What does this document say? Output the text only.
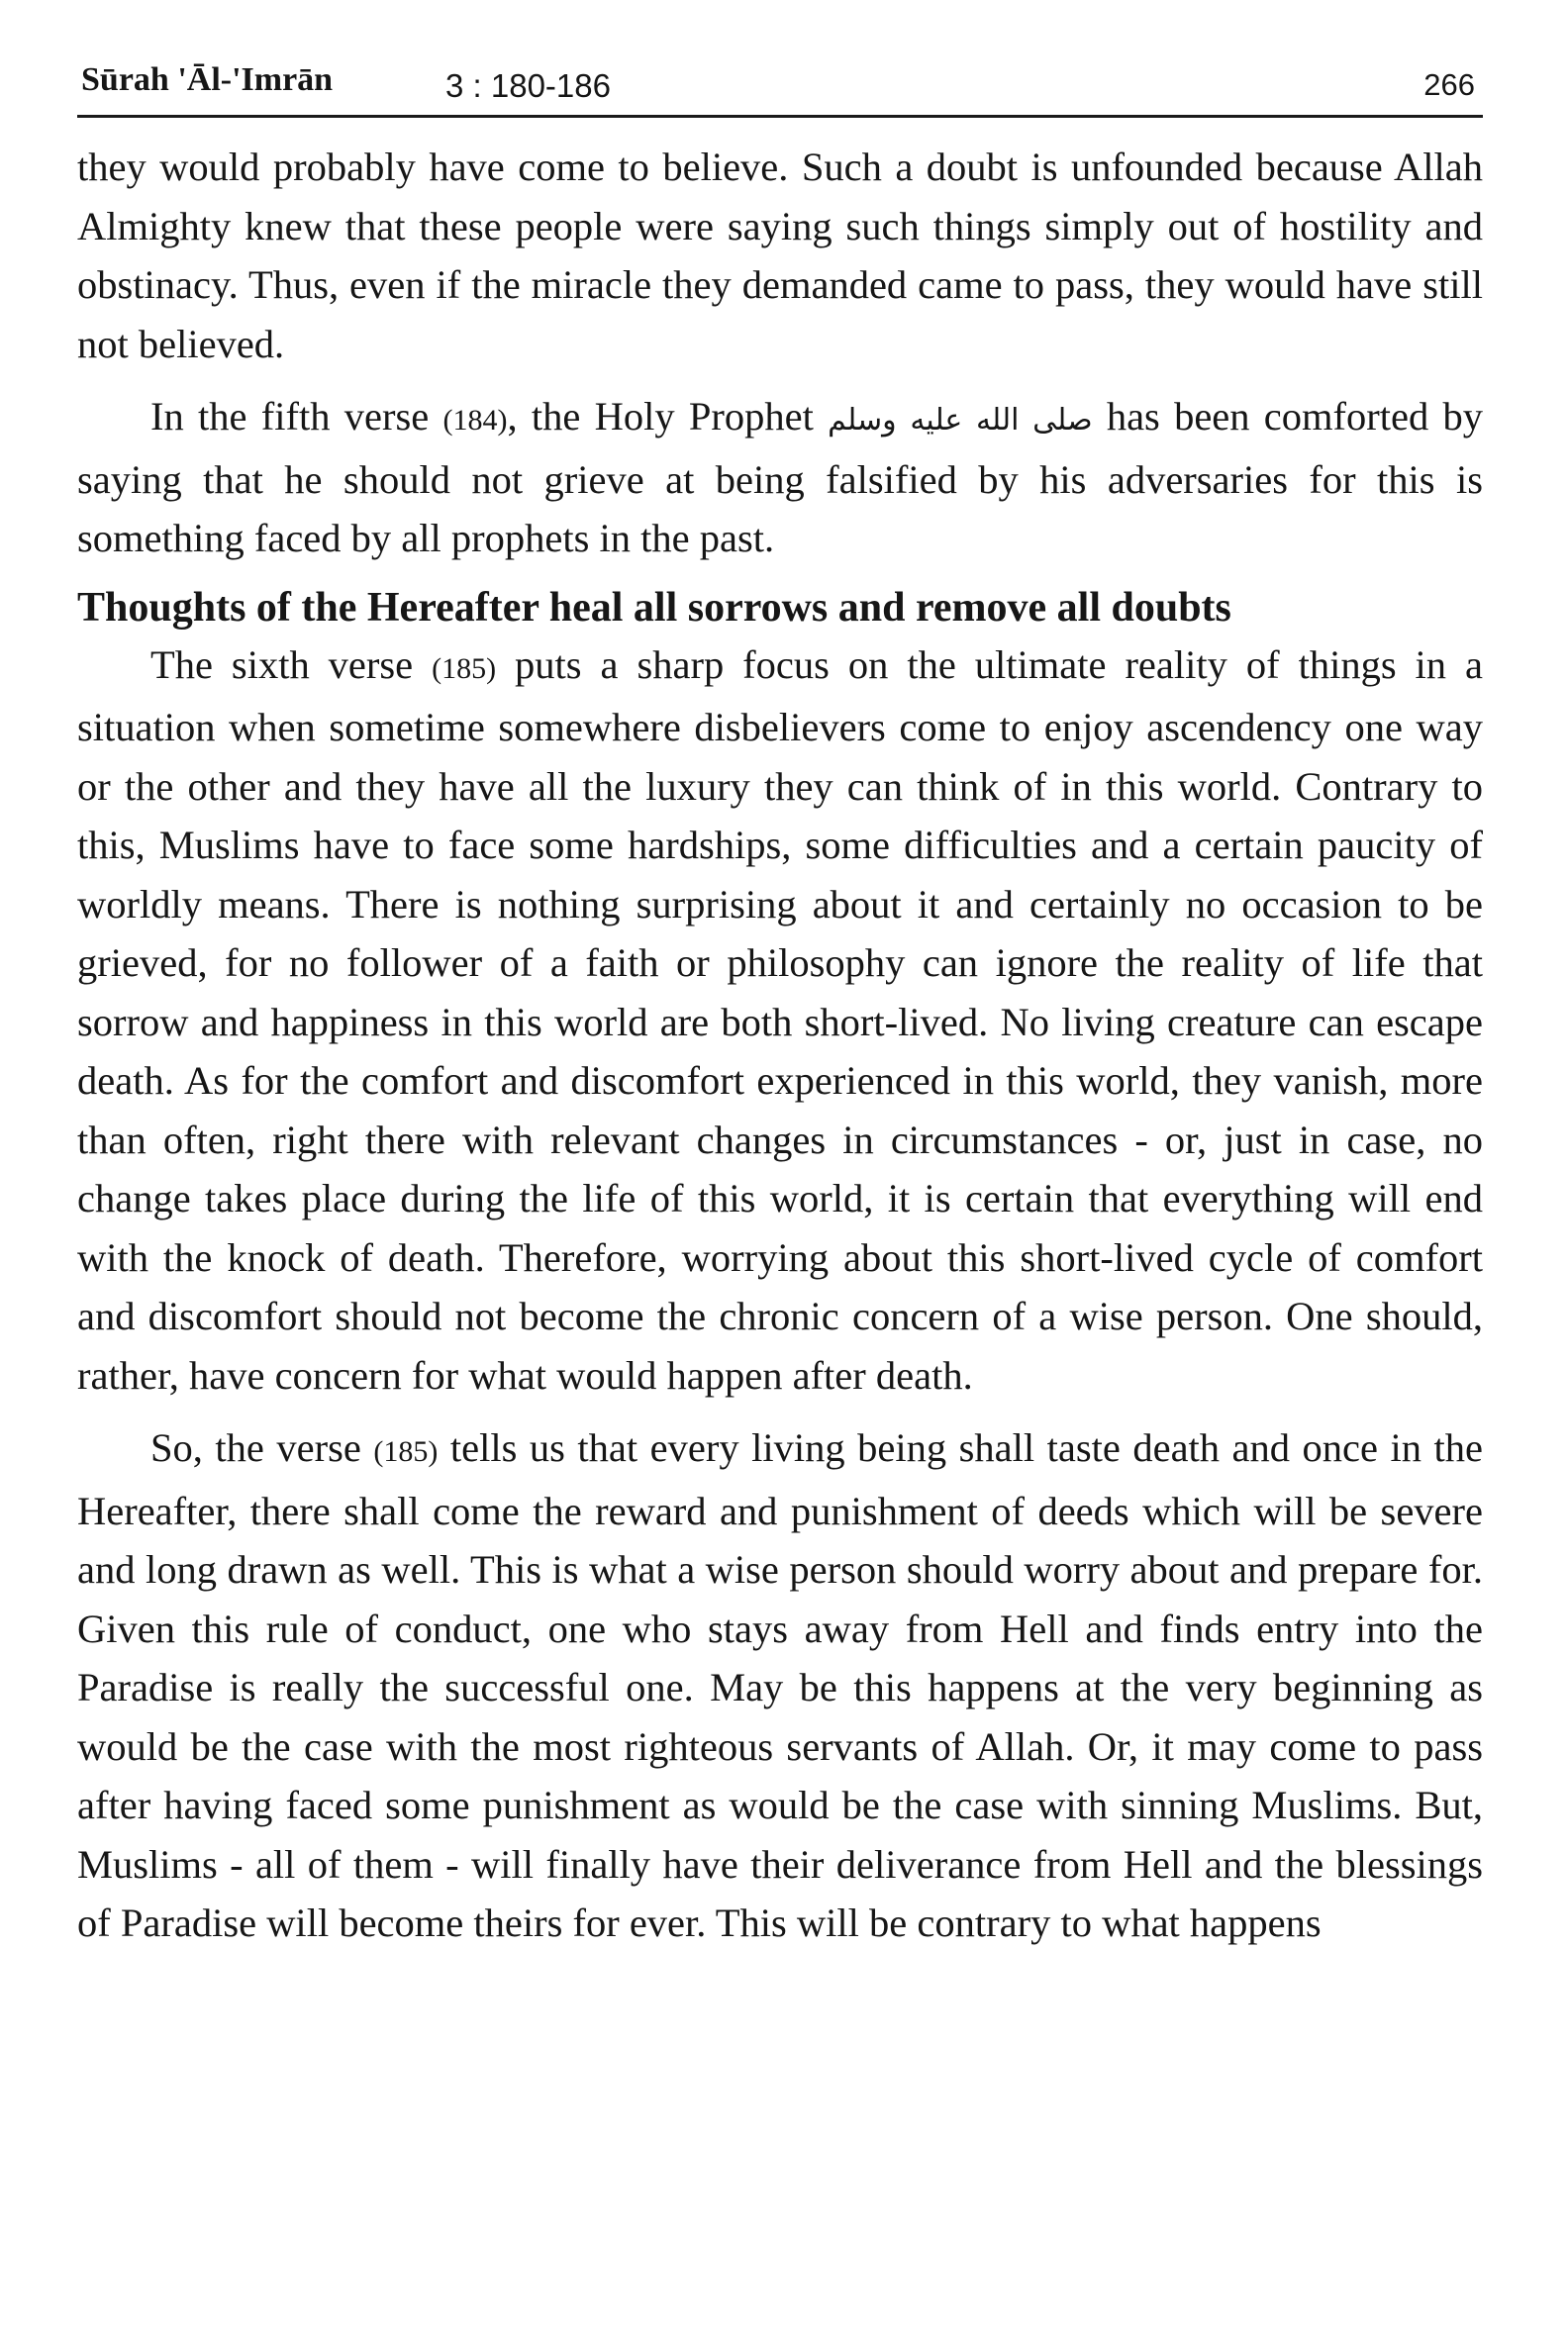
Sūrah 'Āl-'Imrān	3 : 180-186	266

they would probably have come to believe. Such a doubt is unfounded because Allah Almighty knew that these people were saying such things simply out of hostility and obstinacy. Thus, even if the miracle they demanded came to pass, they would have still not believed.

In the fifth verse (184), the Holy Prophet صلى الله عليه وسلم has been comforted by saying that he should not grieve at being falsified by his adversaries for this is something faced by all prophets in the past.

Thoughts of the Hereafter heal all sorrows and remove all doubts

The sixth verse (185) puts a sharp focus on the ultimate reality of things in a situation when sometime somewhere disbelievers come to enjoy ascendency one way or the other and they have all the luxury they can think of in this world. Contrary to this, Muslims have to face some hardships, some difficulties and a certain paucity of worldly means. There is nothing surprising about it and certainly no occasion to be grieved, for no follower of a faith or philosophy can ignore the reality of life that sorrow and happiness in this world are both short-lived. No living creature can escape death. As for the comfort and discomfort experienced in this world, they vanish, more than often, right there with relevant changes in circumstances - or, just in case, no change takes place during the life of this world, it is certain that everything will end with the knock of death. Therefore, worrying about this short-lived cycle of comfort and discomfort should not become the chronic concern of a wise person. One should, rather, have concern for what would happen after death.

So, the verse (185) tells us that every living being shall taste death and once in the Hereafter, there shall come the reward and punishment of deeds which will be severe and long drawn as well. This is what a wise person should worry about and prepare for. Given this rule of conduct, one who stays away from Hell and finds entry into the Paradise is really the successful one. May be this happens at the very beginning as would be the case with the most righteous servants of Allah. Or, it may come to pass after having faced some punishment as would be the case with sinning Muslims. But, Muslims - all of them - will finally have their deliverance from Hell and the blessings of Paradise will become theirs for ever. This will be contrary to what happens
